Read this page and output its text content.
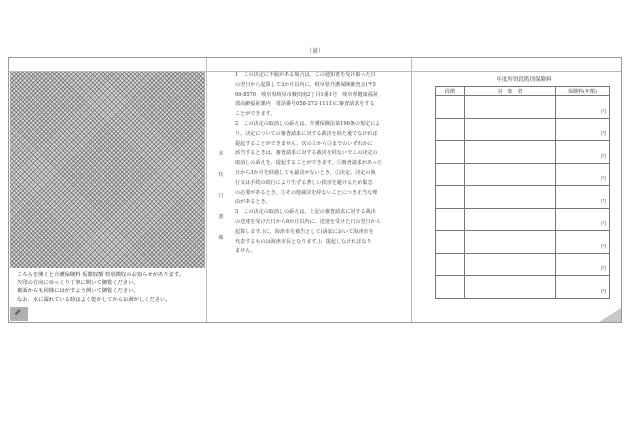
（裏）
こちらを開くと介護保険料 仮徴収額 特別徴収のお知らせがあります。
矢印の方向にゆっくり丁寧に開いて御覧ください。
裏面からも同様にはがすよう開いて御覧ください。
なお、水に濡れている時はよく乾かしてからお剥がしください。
⬈
本
状
日
割
線
1　この決定に不服がある場合は、この通知書を受け取った日
の翌日から起算して3か月以内に、岐阜県介護保険審査会(〒5
00-8570　岐阜県岐阜市薮田南2丁目1番1号　岐阜県健康福祉
部高齢福祉課内　電話番号058-272-1111)に審査請求をする
ことができます。
2　この決定の取消しの訴えは、介護保険法第196条の規定によ
り、決定についての審査請求に対する裁決を経た後でなければ
提起することができません。次の①から③までのいずれかに
該当するときは、審査請求に対する裁決を経ないでこの決定の
取消しの訴えを、提起することができます。①審査請求があった
日から3か月を経過しても裁決がないとき。②決定、決定の執
行又は手続の続行により生ずる著しい損害を避けるため緊急
の必要があるとき。③その他裁決を経ないことにつき正当な理
由があるとき。
3　この決定の取消しの訴えは、上記の審査請求に対する裁決
の送達を受けた日から6か月以内に、送達を受けた日の翌日から
起算します。)に、海津市を被告として(訴訟において海津市を
代表するものは海津市長となります。)、提起しなければなり
ません。
年度所得段階別保険料
段階	対　象　者	保険料(年額)
		円
		円
		円
		円
		円
		円
		円
		円
		円
